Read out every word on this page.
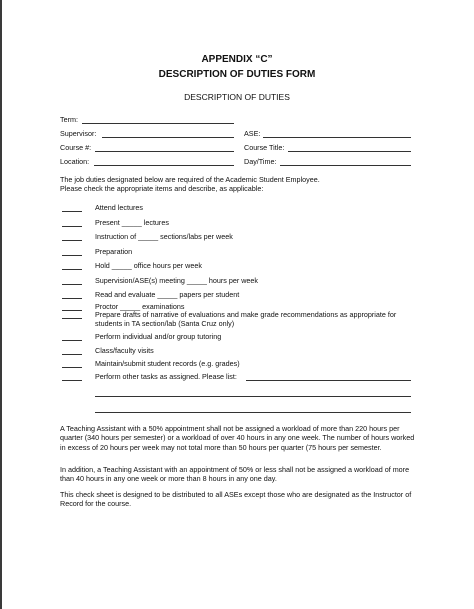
APPENDIX “C”
DESCRIPTION OF DUTIES FORM
DESCRIPTION OF DUTIES
Term:
Supervisor:	ASE:
Course #:	Course Title:
Location:	Day/Time:
The job duties designated below are required of the Academic Student Employee.
Please check the appropriate items and describe, as applicable:
Attend lectures
Present _____ lectures
Instruction of _____ sections/labs per week
Preparation
Hold _____ office hours per week
Supervision/ASE(s) meeting _____ hours per week
Read and evaluate _____ papers per student
Proctor _____ examinations
Prepare drafts of narrative of evaluations and make grade recommendations as appropriate for
students in TA section/lab (Santa Cruz only)
Perform individual and/or group tutoring
Class/faculty visits
Maintain/submit student records (e.g. grades)
Perform other tasks as assigned. Please list:
A Teaching Assistant with a 50% appointment shall not be assigned a workload of more than 220 hours per quarter (340 hours per semester) or a workload of over 40 hours in any one week. The number of hours worked in excess of 20 hours per week may not total more than 50 hours per quarter (75 hours per semester.
In addition, a Teaching Assistant with an appointment of 50% or less shall not be assigned a workload of more than 40 hours in any one week or more than 8 hours in any one day.
This check sheet is designed to be distributed to all ASEs except those who are designated as the Instructor of Record for the course.
